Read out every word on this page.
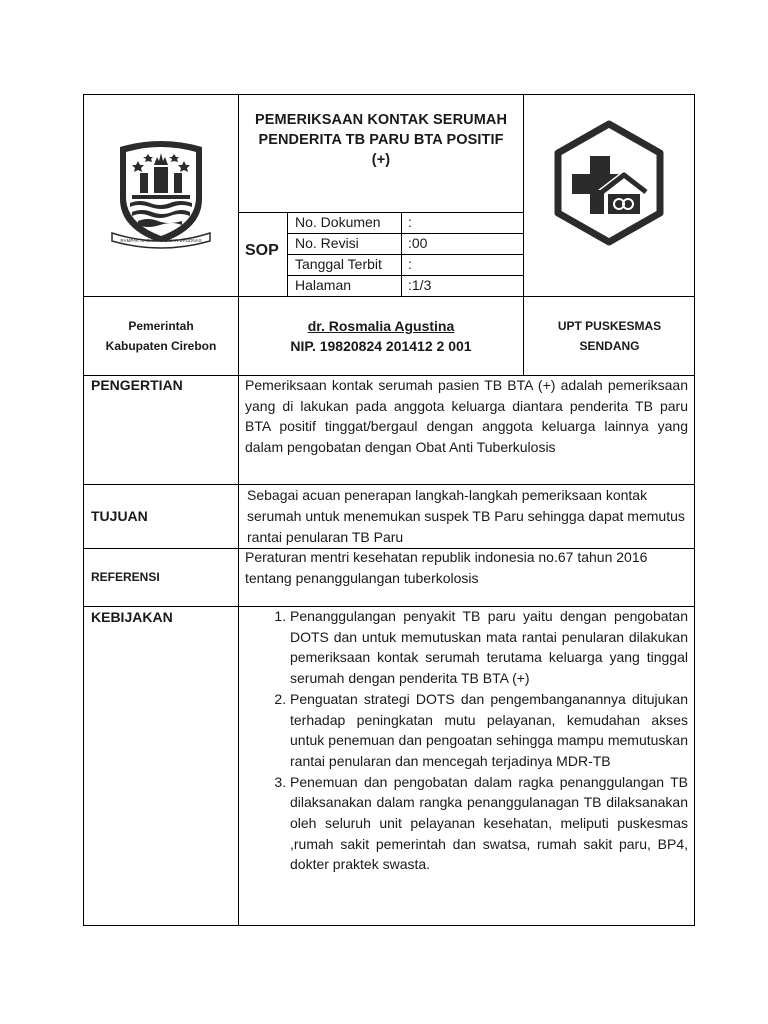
RAMPAK NAGA HABIB DAN BRUDNAS
PEMERIKSAAN KONTAK SERUMAH
PENDERITA TB PARU BTA POSITIF
(+)
SOP
No. Dokumen :
No. Revisi	:00
Tanggal Terbit :
Halaman	:1/3
Pemerintah
Kabupaten Cirebon
dr. Rosmalia Agustina
NIP. 19820824 201412 2 001
UPT PUSKESMAS
SENDANG
PENGERTIAN	Pemeriksaan kontak serumah pasien TB BTA (+) adalah pemeriksaan yang di lakukan pada anggota keluarga diantara penderita TB paru BTA positif tinggat/bergaul dengan anggota keluarga lainnya yang dalam pengobatan dengan Obat Anti Tuberkulosis
TUJUAN
Sebagai acuan penerapan langkah-langkah pemeriksaan kontak serumah untuk menemukan suspek TB Paru sehingga dapat memutus rantai penularan TB Paru
REFERENSI
Peraturan mentri kesehatan republik indonesia no.67 tahun 2016 tentang penanggulangan tuberkolosis
KEBIJAKAN
1.	Penanggulangan penyakit TB paru yaitu dengan pengobatan DOTS dan untuk memutuskan mata rantai penularan dilakukan pemeriksaan kontak serumah terutama keluarga yang tinggal serumah dengan penderita TB BTA (+)
2. Penguatan strategi DOTS dan pengembanganannya ditujukan terhadap peningkatan mutu pelayanan, kemudahan akses untuk penemuan dan pengoatan sehingga mampu memutuskan rantai penularan dan mencegah terjadinya MDR-TB
3. Penemuan dan pengobatan dalam ragka penanggulangan TB dilaksanakan dalam rangka penanggulanagan TB dilaksanakan oleh seluruh unit pelayanan kesehatan, meliputi puskesmas ,rumah sakit pemerintah dan swatsa, rumah sakit paru, BP4, dokter praktek swasta.
